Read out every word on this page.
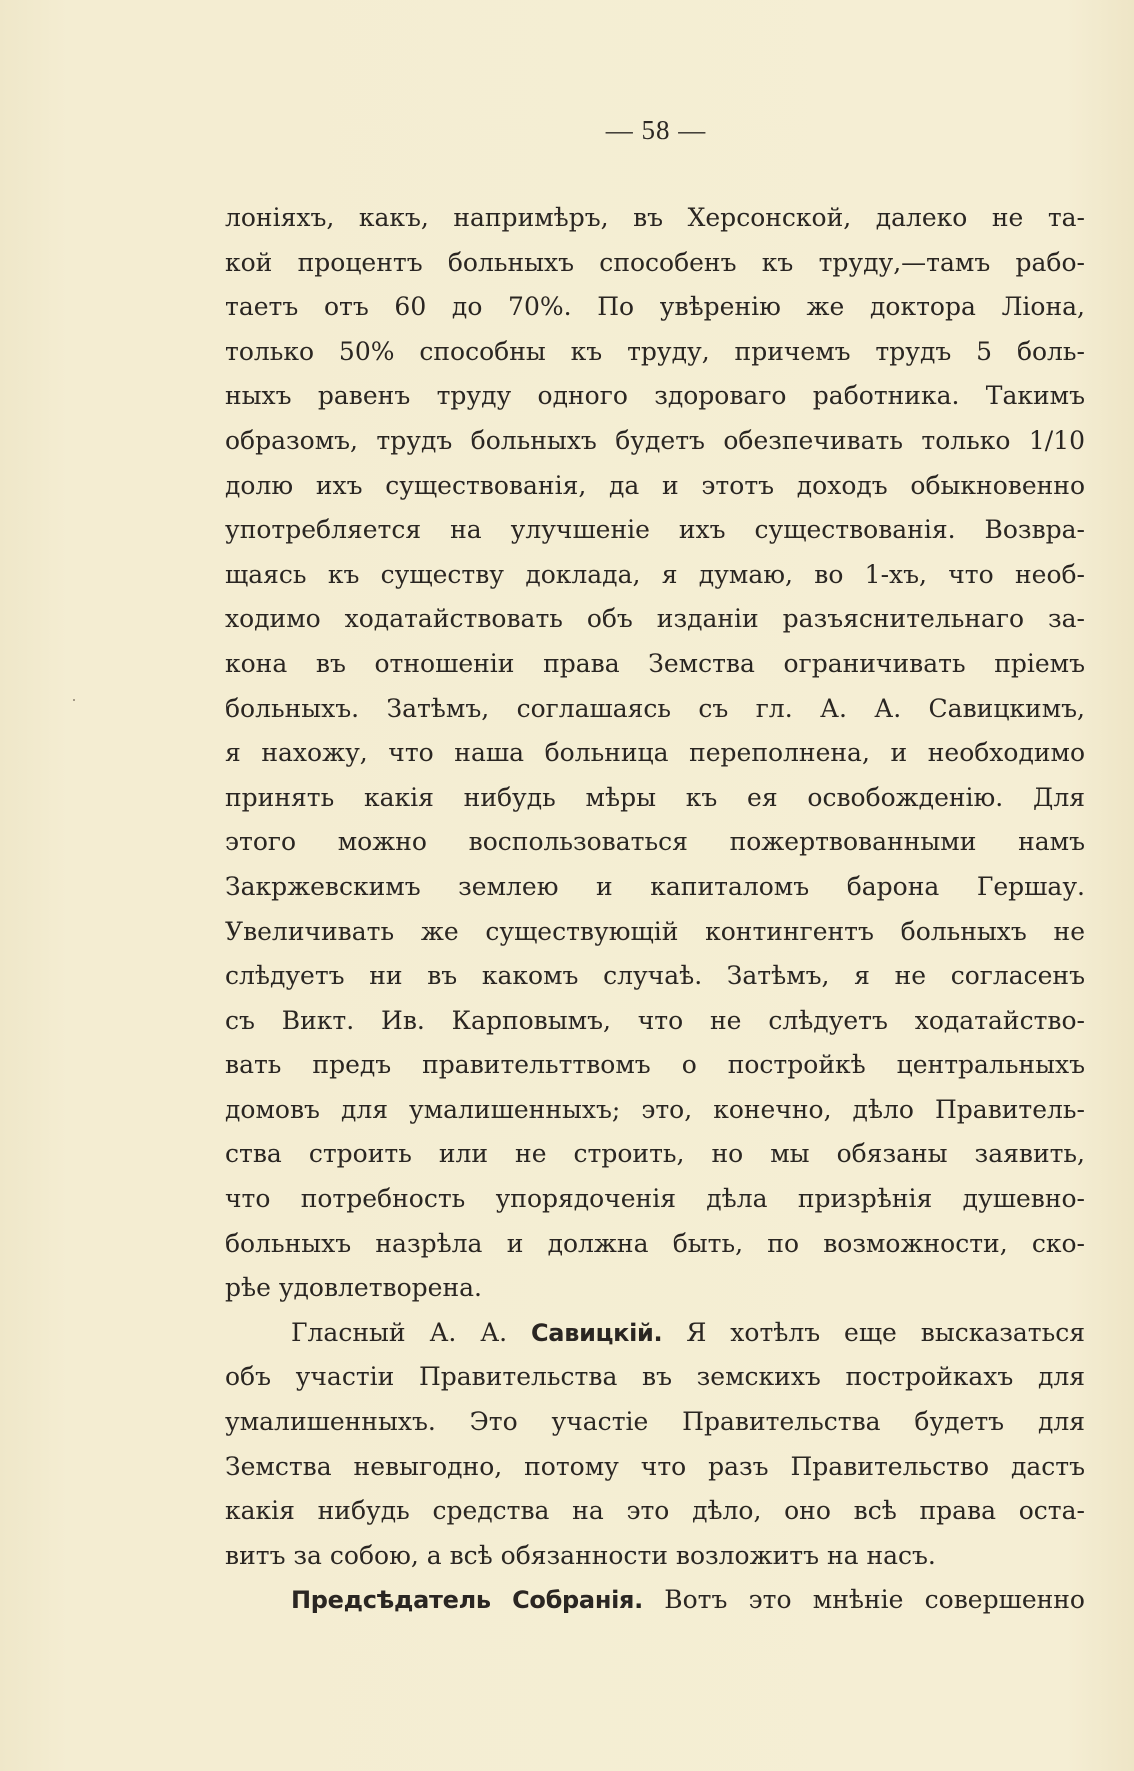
— 58 —
лоніяхъ, какъ, напримѣръ, въ Херсонской, далеко не та-
кой процентъ больныхъ способенъ къ труду,—тамъ рабо-
таетъ отъ 60 до 70%. По увѣренію же доктора Ліона,
только 50% способны къ труду, причемъ трудъ 5 боль-
ныхъ равенъ труду одного здороваго работника. Такимъ
образомъ, трудъ больныхъ будетъ обезпечивать только 1/10
долю ихъ существованія, да и этотъ доходъ обыкновенно
употребляется на улучшеніе ихъ существованія. Возвра-
щаясь къ существу доклада, я думаю, во 1-хъ, что необ-
ходимо ходатайствовать объ изданіи разъяснительнаго за-
кона въ отношеніи права Земства ограничивать пріемъ
больныхъ. Затѣмъ, соглашаясь съ гл. А. А. Савицкимъ,
я нахожу, что наша больница переполнена, и необходимо
принять какія нибудь мѣры къ ея освобожденію. Для
этого можно воспользоваться пожертвованными намъ
Закржевскимъ землею и капиталомъ барона Гершау.
Увеличивать же существующій контингентъ больныхъ не
слѣдуетъ ни въ какомъ случаѣ. Затѣмъ, я не согласенъ
съ Викт. Ив. Карповымъ, что не слѣдуетъ ходатайство-
вать предъ правительттвомъ о постройкѣ центральныхъ
домовъ для умалишенныхъ; это, конечно, дѣло Правитель-
ства строить или не строить, но мы обязаны заявить,
что потребность упорядоченія дѣла призрѣнія душевно-
больныхъ назрѣла и должна быть, по возможности, ско-
рѣе удовлетворена.
Гласный А. А. Савицкій. Я хотѣлъ еще высказаться
объ участіи Правительства въ земскихъ постройкахъ для
умалишенныхъ. Это участіе Правительства будетъ для
Земства невыгодно, потому что разъ Правительство дастъ
какія нибудь средства на это дѣло, оно всѣ права оста-
витъ за собою, а всѣ обязанности возложитъ на насъ.
Предсѣдатель Собранія. Вотъ это мнѣніе совершенно
